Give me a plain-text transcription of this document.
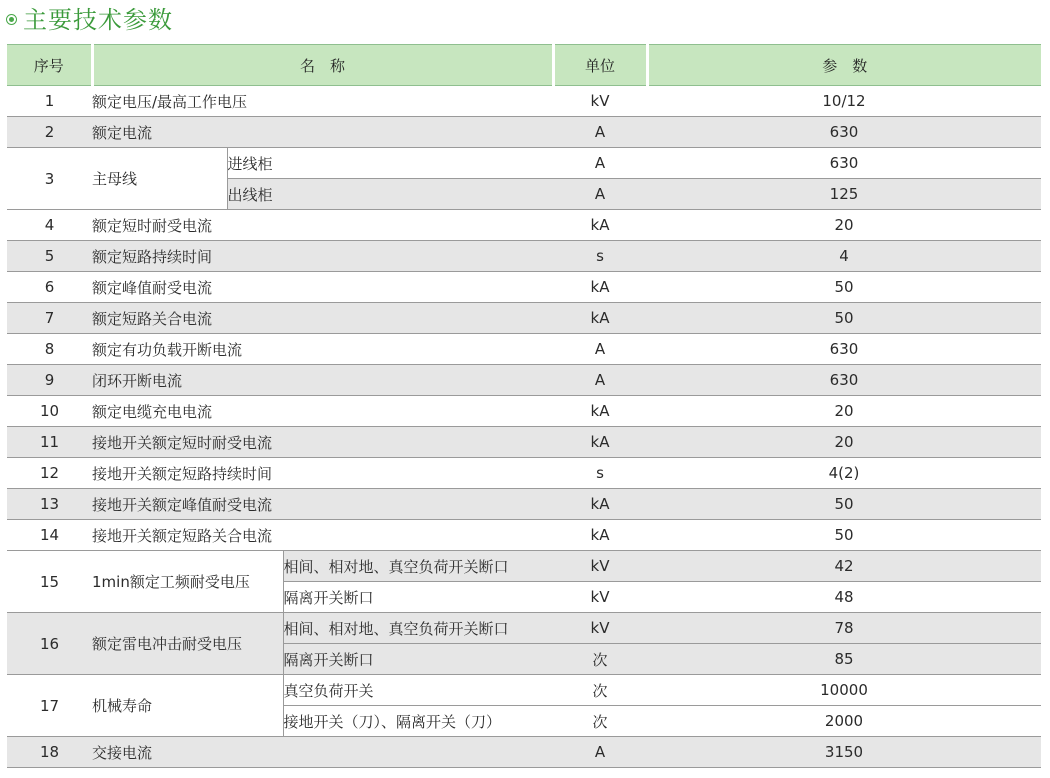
主要技术参数
序号	名　称			单位	参　数
1	额定电压/最高工作电压			kV	10/12
2	额定电流			A	630
3	主母线	进线柜		A	630
		出线柜		A	125
4	额定短时耐受电流			kA	20
5	额定短路持续时间			s	4
6	额定峰值耐受电流			kA	50
7	额定短路关合电流			kA	50
8	额定有功负载开断电流			A	630
9	闭环开断电流			A	630
10	额定电缆充电电流			kA	20
11	接地开关额定短时耐受电流			kA	20
12	接地开关额定短路持续时间			s	4(2)
13	接地开关额定峰值耐受电流			kA	50
14	接地开关额定短路关合电流			kA	50
15	1min额定工频耐受电压		相间、相对地、真空负荷开关断口	kV	42
			隔离开关断口	kV	48
16	额定雷电冲击耐受电压		相间、相对地、真空负荷开关断口	kV	78
			隔离开关断口	次	85
17	机械寿命		真空负荷开关	次	10000
			接地开关（刀）、隔离开关（刀）	次	2000
18	交接电流			A	3150
